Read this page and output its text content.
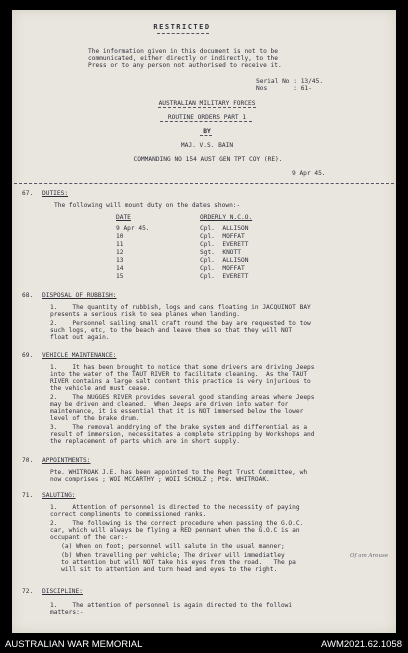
RESTRICTED
The information given in this document is not to be
communicated, either directly or indirectly, to the
Press or to any person not authorised to receive it.
Serial No : 13/45.
Nos       : 61-
AUSTRALIAN MILITARY FORCES
ROUTINE ORDERS PART 1
BY
MAJ. V.S. BAIN
COMMANDING NO 154 AUST GEN TPT COY (RE).
9 Apr 45.
67. DUTIES:
The following will mount duty on the dates shown:-
DATE	ORDERLY N.C.O.
9 Apr 45.	Cpl.  ALLISON
10	Cpl.  MOFFAT
11	Cpl.  EVERETT
12	Sgt.  KNOTT
13	Cpl.  ALLISON
14	Cpl.  MOFFAT
15	Cpl.  EVERETT
68. DISPOSAL OF RUBBISH:
1.    The quantity of rubbish, logs and cans floating in JACQUINOT BAY
presents a serious risk to sea planes when landing.
2.    Personnel sailing small craft round the bay are requested to tow
such logs, etc, to the beach and leave them so that they will NOT
float out again.
69. VEHICLE MAINTENANCE:
1.    It has been brought to notice that some drivers are driving Jeeps
into the water of the TAUT RIVER to facilitate cleaning.  As the TAUT
RIVER contains a large salt content this practice is very injurious to
the vehicle and must cease.
2.    The NUGGES RIVER provides several good standing areas where Jeeps
may be driven and cleaned.  When Jeeps are driven into water for
maintenance, it is essential that it is NOT immersed below the lower
level of the brake drum.
3.    The removal anddrying of the brake system and differential as a
result of immersion, necessitates a complete stripping by Workshops and
the replacement of parts which are in short supply.
70. APPOINTMENTS:
Pte. WHITROAK J.E. has been appointed to the Regt Trust Committee, wh
now comprises ; WOI MCCARTHY ; WOII SCHOLZ ; Pte. WHITROAK.
71. SALUTING:
1.    Attention of personnel is directed to the necessity of paying
correct compliments to commissioned ranks.
2.    The following is the correct procedure when passing the G.O.C.
car, which will always be flying a RED pennant when the G.O.C is an
occupant of the car:-
(a) When on foot; personnel will salute in the usual manner;
(b) When travelling per vehicle; The driver will immediatley
to attention but will NOT take his eyes from the road.   The pa
will sit to attention and turn head and eyes to the right.
Of am Arouse
72. DISCIPLINE:
1.    The attention of personnel is again directed to the followi
matters:-
AUSTRALIAN WAR MEMORIAL	AWM2021.62.1058
